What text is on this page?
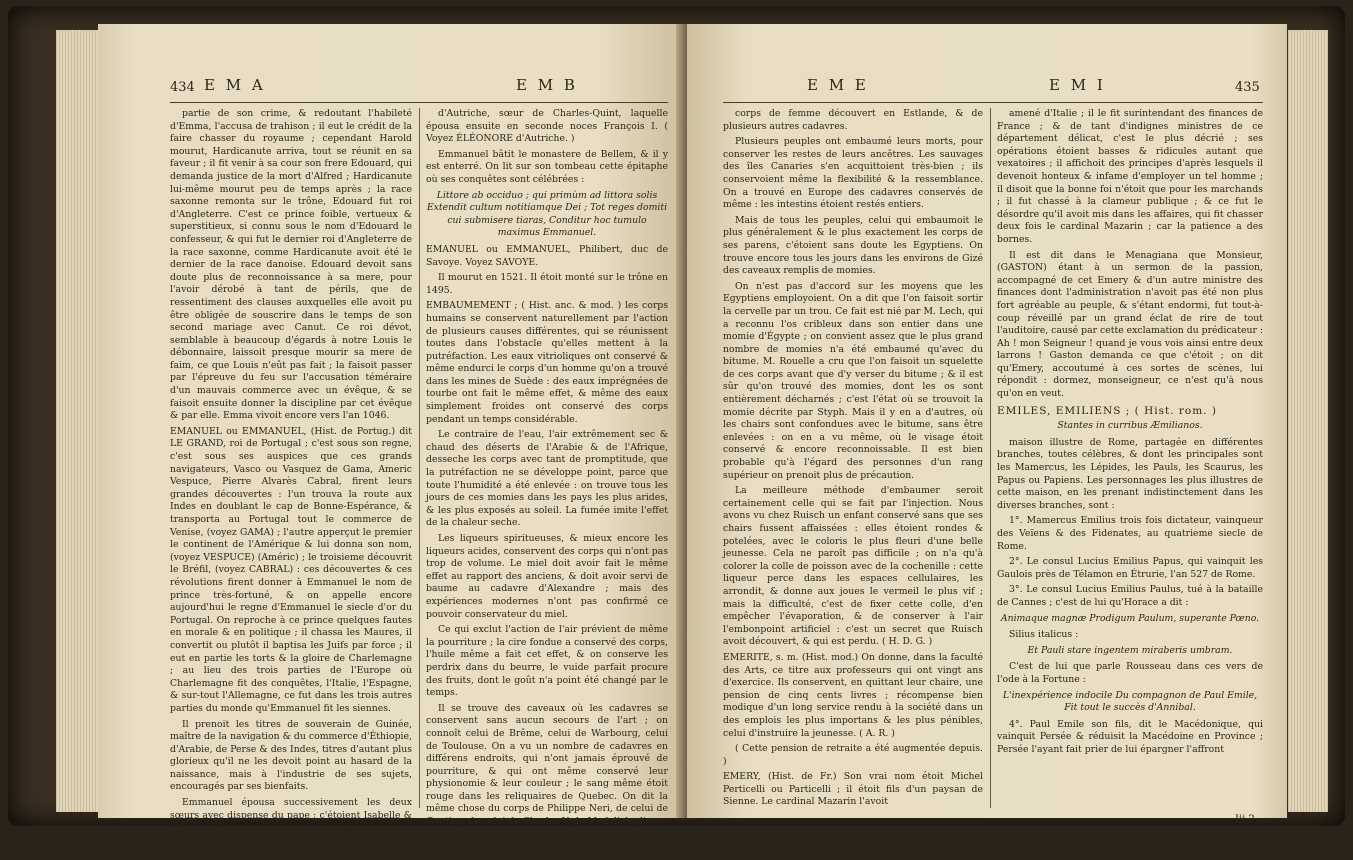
434 E M A	E M B

partie de son crime, & redoutant l'habileté d'Emma, l'accusa de trahison ; il eut le crédit de la faire chasser du royaume ; cependant Harold mourut, Hardicanute arriva, tout se réunit en sa faveur ; il fit venir à sa cour son frere Edouard, qui demanda justice de la mort d'Alfred ; Hardicanute lui-même mourut peu de temps après ; la race saxonne remonta sur le trône, Edouard fut roi d'Angleterre. C'est ce prince foible, vertueux & superstitieux, si connu sous le nom d'Edouard le confesseur, & qui fut le dernier roi d'Angleterre de la race saxonne, comme Hardicanute avoit été le dernier de la race danoise. Edouard devoit sans doute plus de reconnoissance à sa mere, pour l'avoir dérobé à tant de périls, que de ressentiment des clauses auxquelles elle avoit pu être obligée de souscrire dans le temps de son second mariage avec Canut. Ce roi dévot, semblable à beaucoup d'égards à notre Louis le débonnaire, laissoit presque mourir sa mere de faim, ce que Louis n'eût pas fait ; la faisoit passer par l'épreuve du feu sur l'accusation téméraire d'un mauvais commerce avec un évêque, & se faisoit ensuite donner la discipline par cet évêque & par elle. Emma vivoit encore vers l'an 1046.

EMANUEL ou EMMANUEL, (Hist. de Portug.) dit LE GRAND, roi de Portugal ; c'est sous son regne, c'est sous ses auspices que ces grands navigateurs, Vasco ou Vasquez de Gama, Americ Vespuce, Pierre Alvarès Cabral, firent leurs grandes découvertes : l'un trouva la route aux Indes en doublant le cap de Bonne-Espérance, & transporta au Portugal tout le commerce de Venise, (voyez GAMA) ; l'autre apperçut le premier le continent de l'Amérique & lui donna son nom, (voyez VESPUCE) (Améric) ; le troisieme découvrit le Bréfil, (voyez CABRAL) : ces découvertes & ces révolutions firent donner à Emmanuel le nom de prince très-fortuné, & on appelle encore aujourd'hui le regne d'Emmanuel le siecle d'or du Portugal. On reproche à ce prince quelques fautes en morale & en politique ; il chassa les Maures, il convertit ou plutôt il baptisa les Juifs par force ; il eut en partie les torts & la gloire de Charlemagne ; au lieu des trois parties de l'Europe où Charlemagne fit des conquêtes, l'Italie, l'Espagne, & sur-tout l'Allemagne, ce fut dans les trois autres parties du monde qu'Emmanuel fit les siennes.

Il prenoit les titres de souverain de Guinée, maître de la navigation & du commerce d'Éthiopie, d'Arabie, de Perse & des Indes, titres d'autant plus glorieux qu'il ne les devoit point au hasard de la naissance, mais à l'industrie de ses sujets, encouragés par ses bienfaits.

Emmanuel épousa successivement les deux sœurs avec dispense du pape ; c'étoient Isabelle & Marie, filles de Ferdinand le catholique, roi d'Espagne : il épousa en troisiemes noces leur niece, Éléonore

d'Autriche, sœur de Charles-Quint, laquelle épousa ensuite en seconde noces François I. ( Voyez ÉLÉONORE d'Autriche. )

Emmanuel bâtit le monastere de Bellem, & il y est enterré. On lit sur son tombeau cette épitaphe où ses conquêtes sont célébrées :

Littore ab occiduo ; qui primùm ad littora solis Extendit cultum notitiamque Dei ; Tot reges domiti cui submisere tiaras, Conditur hoc tumulo maximus Emmanuel.

EMANUEL ou EMMANUEL, Philibert, duc de Savoye. Voyez SAVOYE.

Il mourut en 1521. Il étoit monté sur le trône en 1495.

EMBAUMEMENT ; ( Hist. anc. & mod. ) les corps humains se conservent naturellement par l'action de plusieurs causes différentes, qui se réunissent toutes dans l'obstacle qu'elles mettent à la putréfaction. Les eaux vitrioliques ont conservé & même endurci le corps d'un homme qu'on a trouvé dans les mines de Suède : des eaux imprégnées de tourbe ont fait le même effet, & même des eaux simplement froides ont conservé des corps pendant un temps considérable.

Le contraire de l'eau, l'air extrêmement sec & chaud des déserts de l'Arabie & de l'Afrique, desseche les corps avec tant de promptitude, que la putréfaction ne se développe point, parce que toute l'humidité a été enlevée : on trouve tous les jours de ces momies dans les pays les plus arides, & les plus exposés au soleil. La fumée imite l'effet de la chaleur seche.

Les liqueurs spiritueuses, & mieux encore les liqueurs acides, conservent des corps qui n'ont pas trop de volume. Le miel doit avoir fait le même effet au rapport des anciens, & doit avoir servi de baume au cadavre d'Alexandre ; mais des expériences modernes n'ont pas confirmé ce pouvoir conservateur du miel.

Ce qui exclut l'action de l'air prévient de même la pourriture ; la cire fondue a conservé des corps, l'huile même a fait cet effet, & on conserve les perdrix dans du beurre, le vuide parfait procure des fruits, dont le goût n'a point été changé par le temps.

Il se trouve des caveaux où les cadavres se conservent sans aucun secours de l'art ; on connoît celui de Brême, celui de Warbourg, celui de Toulouse. On a vu un nombre de cadavres en différens endroits, qui n'ont jamais éprouvé de pourriture, & qui ont même conservé leur physionomie & leur couleur ; le sang même étoit rouge dans les reliquaires de Quebec. On dit la même chose du corps de Philippe Neri, de celui de Gontins, de celui de Charles V, de Modelich, d'un

E M E	E M I	435

corps de femme découvert en Estlande, & de plusieurs autres cadavres.

Plusieurs peuples ont embaumé leurs morts, pour conserver les restes de leurs ancêtres. Les sauvages des îles Canaries s'en acquittoient très-bien ; ils conservoient même la flexibilité & la ressemblance. On a trouvé en Europe des cadavres conservés de même : les intestins étoient restés entiers.

Mais de tous les peuples, celui qui embaumoit le plus généralement & le plus exactement les corps de ses parens, c'étoient sans doute les Egyptiens. On trouve encore tous les jours dans les environs de Gizé des caveaux remplis de momies.

On n'est pas d'accord sur les moyens que les Egyptiens employoient. On a dit que l'on faisoit sortir la cervelle par un trou. Ce fait est nié par M. Lech, qui a reconnu l'os cribleux dans son entier dans une momie d'Égypte ; on convient assez que le plus grand nombre de momies n'a été embaumé qu'avec du bitume. M. Rouelle a cru que l'on faisoit un squelette de ces corps avant que d'y verser du bitume ; & il est sûr qu'on trouvé des momies, dont les os sont entièrement décharnés ; c'est l'état où se trouvoit la momie décrite par Styph. Mais il y en a d'autres, où les chairs sont confondues avec le bitume, sans être enlevées : on en a vu même, où le visage étoit conservé & encore reconnoissable. Il est bien probable qu'à l'égard des personnes d'un rang supérieur on prenoit plus de précaution.

La meilleure méthode d'embaumer seroit certainement celle qui se fait par l'injection. Nous avons vu chez Ruisch un enfant conservé sans que ses chairs fussent affaissées : elles étoient rondes & potelées, avec le coloris le plus fleuri d'une belle jeunesse. Cela ne paroît pas difficile ; on n'a qu'à colorer la colle de poisson avec de la cochenille : cette liqueur perce dans les espaces cellulaires, les arrondit, & donne aux joues le vermeil le plus vif ; mais la difficulté, c'est de fixer cette colle, d'en empêcher l'évaporation, & de conserver à l'air l'embonpoint artificiel : c'est un secret que Ruisch avoit découvert, & qui est perdu. ( H. D. G. )

EMERITE, s. m. (Hist. mod.) On donne, dans la faculté des Arts, ce titre aux professeurs qui ont vingt ans d'exercice. Ils conservent, en quittant leur chaire, une pension de cinq cents livres ; récompense bien modique d'un long service rendu à la société dans un des emplois les plus importans & les plus pénibles, celui d'instruire la jeunesse. ( A. R. )

( Cette pension de retraite a été augmentée depuis. )

EMERY, (Hist. de Fr.) Son vrai nom étoit Michel Perticelli ou Particelli ; il étoit fils d'un paysan de Sienne. Le cardinal Mazarin l'avoit

amené d'Italie ; il le fit surintendant des finances de France ; & de tant d'indignes ministres de ce département délicat, c'est le plus décrié ; ses opérations étoient basses & ridicules autant que vexatoires ; il affichoit des principes d'après lesquels il devenoit honteux & infame d'employer un tel homme ; il disoit que la bonne foi n'étoit que pour les marchands ; il fut chassé à la clameur publique ; & ce fut le désordre qu'il avoit mis dans les affaires, qui fit chasser deux fois le cardinal Mazarin ; car la patience a des bornes.

Il est dit dans le Menagiana que Monsieur, (GASTON) étant à un sermon de la passion, accompagné de cet Emery & d'un autre ministre des finances dont l'administration n'avoit pas été non plus fort agréable au peuple, & s'étant endormi, fut tout-à-coup réveillé par un grand éclat de rire de tout l'auditoire, causé par cette exclamation du prédicateur : Ah ! mon Seigneur ! quand je vous vois ainsi entre deux larrons ! Gaston demanda ce que c'étoit ; on dit qu'Emery, accoutumé à ces sortes de scènes, lui répondit : dormez, monseigneur, ce n'est qu'à nous qu'on en veut.

EMILES, EMILIENS ; ( Hist. rom. )

Stantes in curribus Æmilianos.

maison illustre de Rome, partagée en différentes branches, toutes célèbres, & dont les principales sont les Mamercus, les Lépides, les Pauls, les Scaurus, les Papus ou Papiens. Les personnages les plus illustres de cette maison, en les prenant indistinctement dans les diverses branches, sont :

1°. Mamercus Emilius trois fois dictateur, vainqueur des Veïens & des Fidenates, au quatrieme siecle de Rome.

2°. Le consul Lucius Emilius Papus, qui vainquit les Gaulois près de Télamon en Étrurie, l'an 527 de Rome.

3°. Le consul Lucius Emilius Paulus, tué à la bataille de Cannes ; c'est de lui qu'Horace a dit :

Animaque magnæ Prodigum Paulum, superante Pœno.

Silius italicus :

Et Pauli stare ingentem miraberis umbram.

C'est de lui que parle Rousseau dans ces vers de l'ode à la Fortune :

L'inexpérience indocile Du compagnon de Paul Emile, Fit tout le succès d'Annibal.

4°. Paul Emile son fils, dit le Macédonique, qui vainquit Persée & réduisit la Macédoine en Province ; Persée l'ayant fait prier de lui épargner l'affront

Iii 2
